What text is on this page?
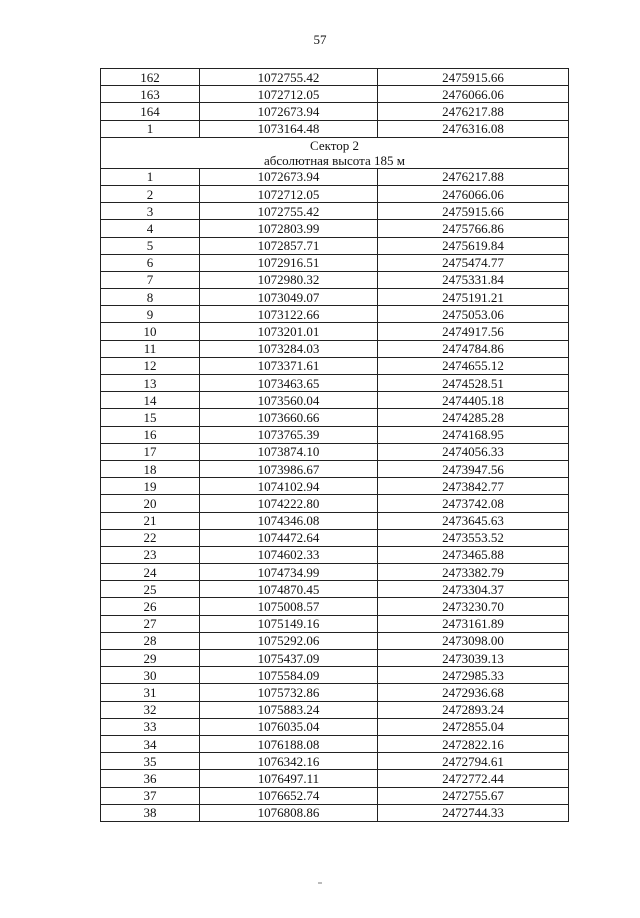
57
162	1072755.42	2475915.66
163	1072712.05	2476066.06
164	1072673.94	2476217.88
1	1073164.48	2476316.08

Сектор 2
абсолютная высота 185 м		

1	1072673.94	2476217.88
2	1072712.05	2476066.06
3	1072755.42	2475915.66
4	1072803.99	2475766.86
5	1072857.71	2475619.84
6	1072916.51	2475474.77
7	1072980.32	2475331.84
8	1073049.07	2475191.21
9	1073122.66	2475053.06
10	1073201.01	2474917.56
11	1073284.03	2474784.86
12	1073371.61	2474655.12
13	1073463.65	2474528.51
14	1073560.04	2474405.18
15	1073660.66	2474285.28
16	1073765.39	2474168.95
17	1073874.10	2474056.33
18	1073986.67	2473947.56
19	1074102.94	2473842.77
20	1074222.80	2473742.08
21	1074346.08	2473645.63
22	1074472.64	2473553.52
23	1074602.33	2473465.88
24	1074734.99	2473382.79
25	1074870.45	2473304.37
26	1075008.57	2473230.70
27	1075149.16	2473161.89
28	1075292.06	2473098.00
29	1075437.09	2473039.13
30	1075584.09	2472985.33
31	1075732.86	2472936.68
32	1075883.24	2472893.24
33	1076035.04	2472855.04
34	1076188.08	2472822.16
35	1076342.16	2472794.61
36	1076497.11	2472772.44
37	1076652.74	2472755.67
38	1076808.86	2472744.33
